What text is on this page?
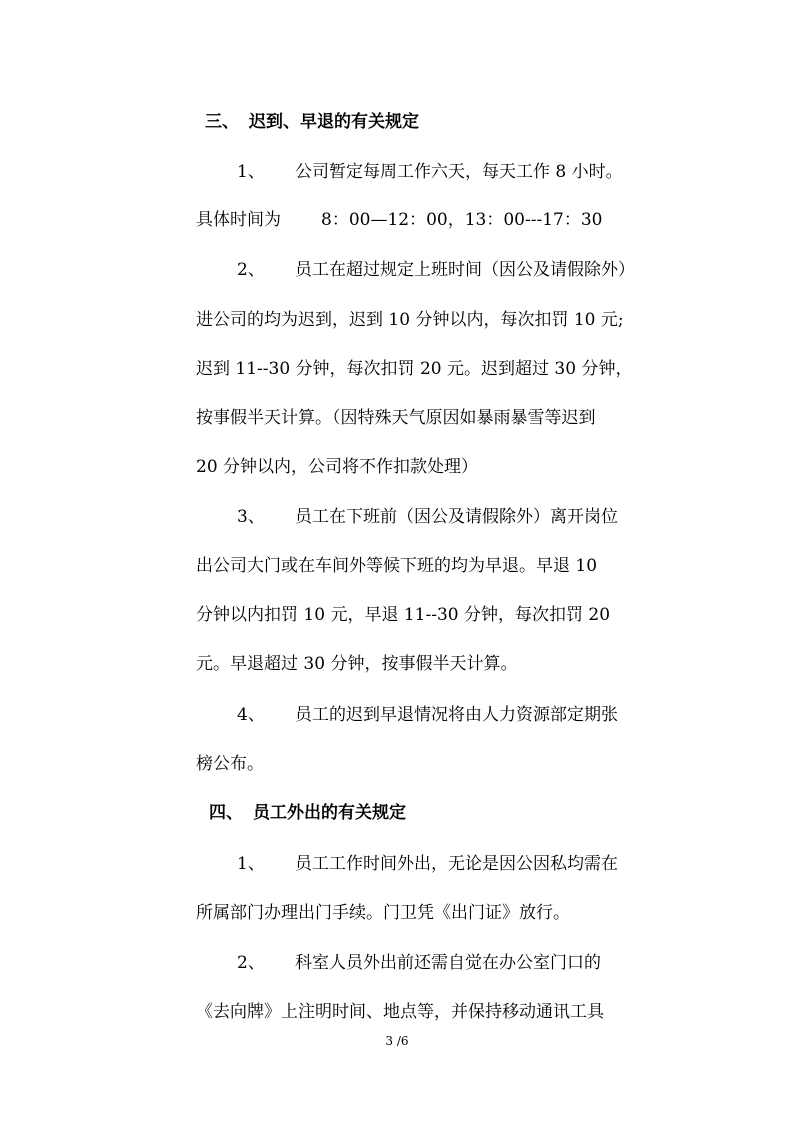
三、 迟到、早退的有关规定
1、 公司暂定每周工作六天，每天工作 8 小时。
具体时间为 8：00—12：00，13：00---17：30
2、 员工在超过规定上班时间（因公及请假除外）
进公司的均为迟到，迟到 10 分钟以内，每次扣罚 10 元;
迟到 11--30 分钟，每次扣罚 20 元。迟到超过 30 分钟，
按事假半天计算。（因特殊天气原因如暴雨暴雪等迟到
20 分钟以内，公司将不作扣款处理）
3、 员工在下班前（因公及请假除外）离开岗位
出公司大门或在车间外等候下班的均为早退。早退 10
分钟以内扣罚 10 元，早退 11--30 分钟，每次扣罚 20
元。早退超过 30 分钟，按事假半天计算。
4、 员工的迟到早退情况将由人力资源部定期张
榜公布。
四、 员工外出的有关规定
1、 员工工作时间外出，无论是因公因私均需在
所属部门办理出门手续。门卫凭《出门证》放行。
2、 科室人员外出前还需自觉在办公室门口的
《去向牌》上注明时间、地点等，并保持移动通讯工具
3 /6
